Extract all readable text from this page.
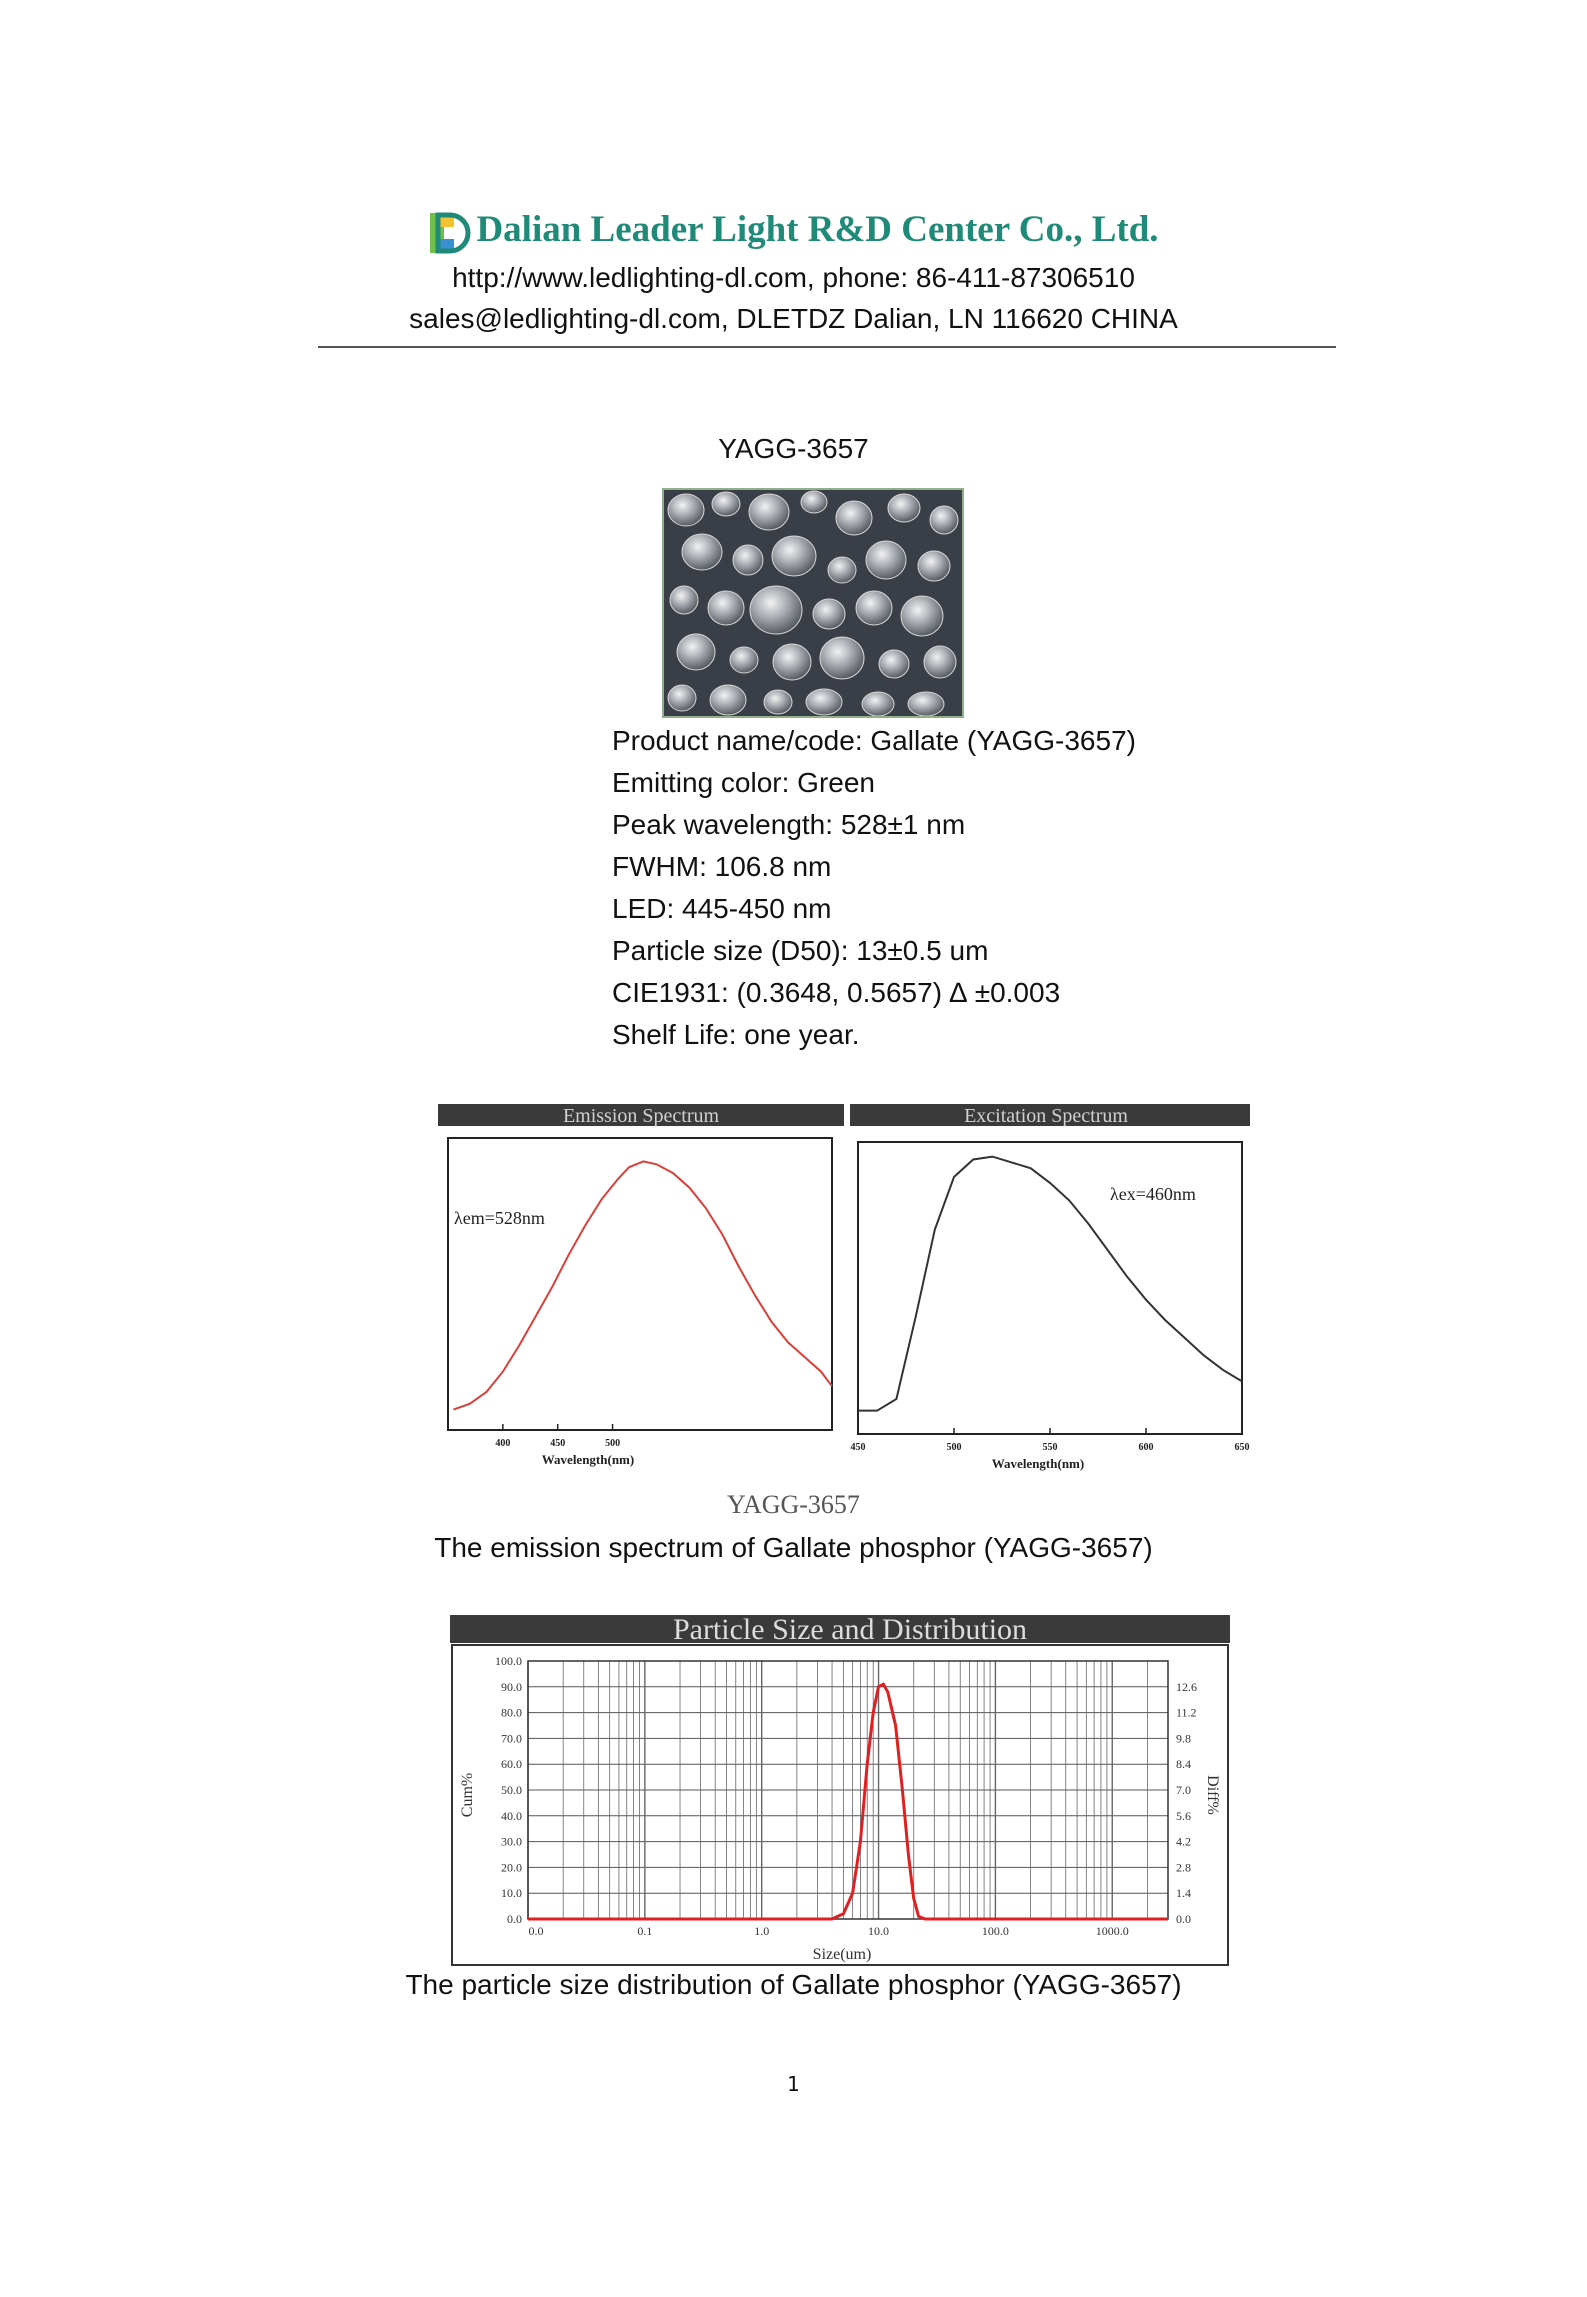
Dalian Leader Light R&D Center Co., Ltd.
http://www.ledlighting-dl.com, phone: 86-411-87306510
sales@ledlighting-dl.com, DLETDZ Dalian, LN 116620 CHINA
YAGG-3657
Product name/code: Gallate (YAGG-3657)
Emitting color: Green
Peak wavelength: 528±1 nm
FWHM: 106.8 nm
LED: 445-450 nm
Particle size (D50): 13±0.5 um
CIE1931: (0.3648, 0.5657) ∆ ±0.003
Shelf Life: one year.
Emission Spectrum
λem=528nm
400	450	500
Wavelength(nm)
Excitation Spectrum
λex=460nm
450	500	550	600	650
Wavelength(nm)
YAGG-3657
The emission spectrum of Gallate phosphor (YAGG-3657)
Particle Size and Distribution
0.0	0.1	1.0	10.0	100.0	1000.0
0.0
10.0
20.0
30.0
40.0
50.0
60.0
70.0
80.0
90.0
100.0
0.0
1.4
2.8
4.2
5.6
7.0
8.4
9.8
11.2
12.6
Cum%	Diff%
Size(um)
The particle size distribution of Gallate phosphor (YAGG-3657)
1
